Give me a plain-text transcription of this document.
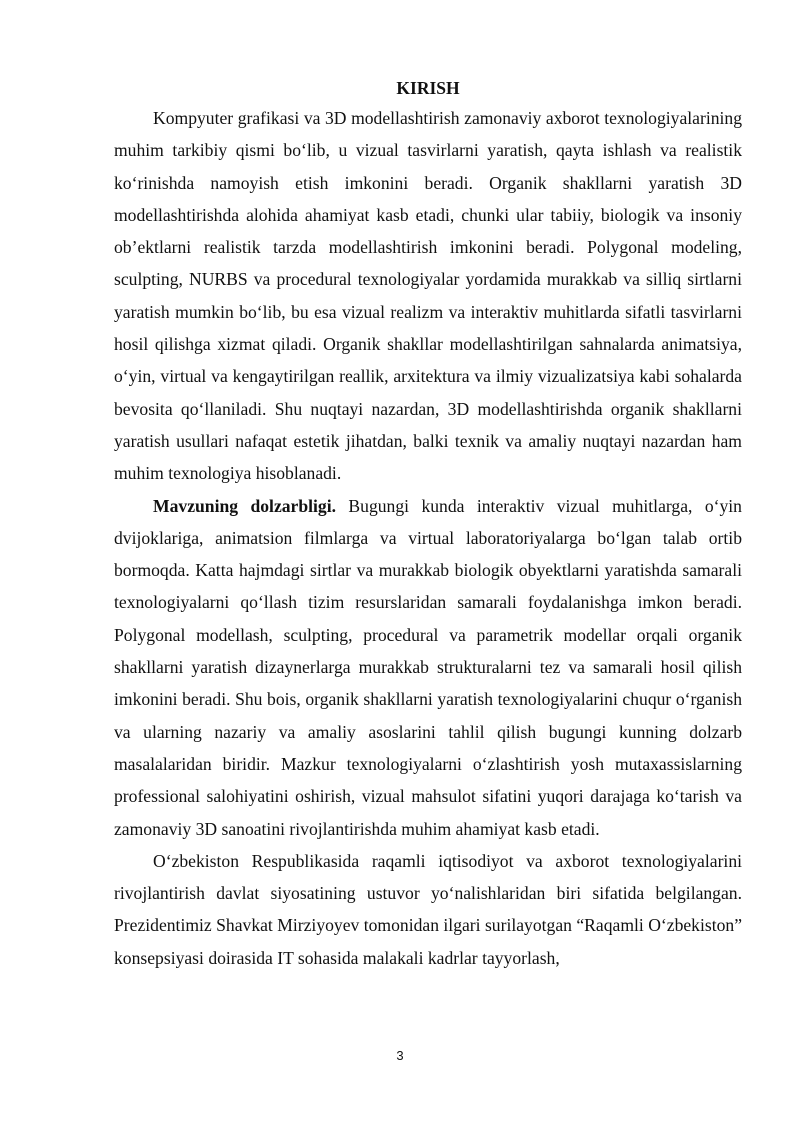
KIRISH

Kompyuter grafikasi va 3D modellashtirish zamonaviy axborot texnologiyalarining muhim tarkibiy qismi bo‘lib, u vizual tasvirlarni yaratish, qayta ishlash va realistik ko‘rinishda namoyish etish imkonini beradi. Organik shakllarni yaratish 3D modellashtirishda alohida ahamiyat kasb etadi, chunki ular tabiiy, biologik va insoniy ob’ektlarni realistik tarzda modellashtirish imkonini beradi. Polygonal modeling, sculpting, NURBS va procedural texnologiyalar yordamida murakkab va silliq sirtlarni yaratish mumkin bo‘lib, bu esa vizual realizm va interaktiv muhitlarda sifatli tasvirlarni hosil qilishga xizmat qiladi. Organik shakllar modellashtirilgan sahnalarda animatsiya, o‘yin, virtual va kengaytirilgan reallik, arxitektura va ilmiy vizualizatsiya kabi sohalarda bevosita qo‘llaniladi. Shu nuqtayi nazardan, 3D modellashtirishda organik shakllarni yaratish usullari nafaqat estetik jihatdan, balki texnik va amaliy nuqtayi nazardan ham muhim texnologiya hisoblanadi.

Mavzuning dolzarbligi. Bugungi kunda interaktiv vizual muhitlarga, o‘yin dvijoklariga, animatsion filmlarga va virtual laboratoriyalarga bo‘lgan talab ortib bormoqda. Katta hajmdagi sirtlar va murakkab biologik obyektlarni yaratishda samarali texnologiyalarni qo‘llash tizim resurslaridan samarali foydalanishga imkon beradi. Polygonal modellash, sculpting, procedural va parametrik modellar orqali organik shakllarni yaratish dizaynerlarga murakkab strukturalarni tez va samarali hosil qilish imkonini beradi. Shu bois, organik shakllarni yaratish texnologiyalarini chuqur o‘rganish va ularning nazariy va amaliy asoslarini tahlil qilish bugungi kunning dolzarb masalalaridan biridir. Mazkur texnologiyalarni o‘zlashtirish yosh mutaxassislarning professional salohiyatini oshirish, vizual mahsulot sifatini yuqori darajaga ko‘tarish va zamonaviy 3D sanoatini rivojlantirishda muhim ahamiyat kasb etadi.

O‘zbekiston Respublikasida raqamli iqtisodiyot va axborot texnologiyalarini rivojlantirish davlat siyosatining ustuvor yo‘nalishlaridan biri sifatida belgilangan. Prezidentimiz Shavkat Mirziyoyev tomonidan ilgari surilayotgan “Raqamli O‘zbekiston” konsepsiyasi doirasida IT sohasida malakali kadrlar tayyorlash,

3
